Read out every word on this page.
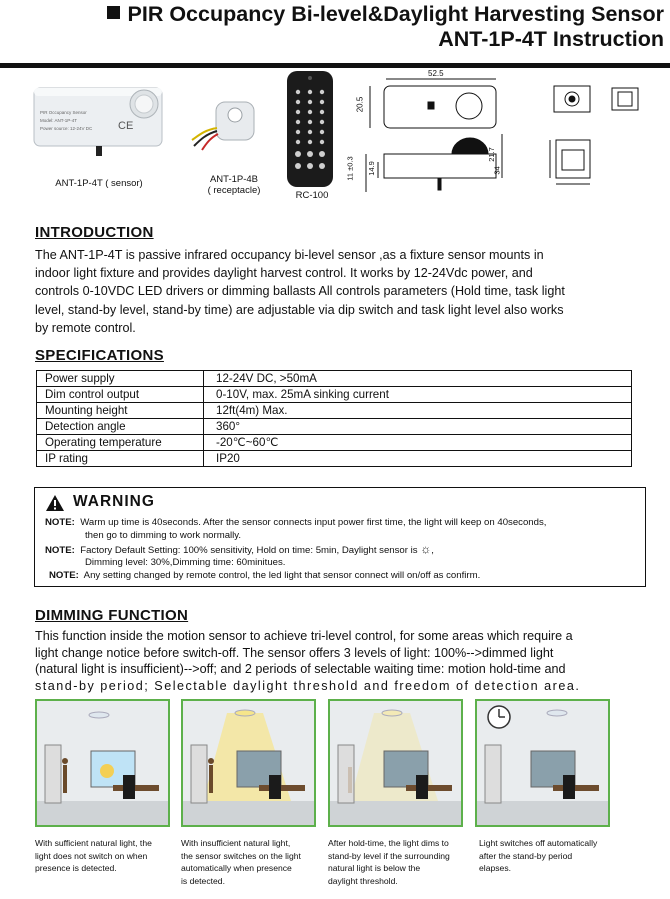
PIR Occupancy Bi-level&Daylight Harvesting Sensor
ANT-1P-4T Instruction
PIR Occupancy Sensor
Model: ANT-1P-4T
Power source: 12-24V DC CE
ANT-1P-4T ( sensor)	ANT-1P-4B
( receptacle)	RC-100
52.5
20.5
11 ±0.3 14.9
21.7
34
INTRODUCTION
The ANT-1P-4T is passive infrared occupancy bi-level sensor ,as a fixture sensor mounts in
indoor light fixture and provides daylight harvest control. It works by 12-24Vdc power, and
controls 0-10VDC LED drivers or dimming ballasts All controls parameters (Hold time, task light
level, stand-by level, stand-by time) are adjustable via dip switch and task light level also works
by remote control.
SPECIFICATIONS
Power supply	12-24V DC, >50mA
Dim control output	0-10V, max. 25mA sinking current
Mounting height	12ft(4m) Max.
Detection angle	360°
Operating temperature	-20℃~60℃
IP rating	IP20
WARNING
NOTE: Warm up time is 40seconds. After the sensor connects input power first time, the light will keep on 40seconds,
then go to dimming to work normally.
NOTE: Factory Default Setting: 100% sensitivity, Hold on time: 5min, Daylight sensor is ☼,
Dimming level: 30%,Dimming time: 60minitues.
NOTE: Any setting changed by remote control, the led light that sensor connect will on/off as confirm.
DIMMING FUNCTION
This function inside the motion sensor to achieve tri-level control, for some areas which require a
light change notice before switch-off. The sensor offers 3 levels of light: 100%-->dimmed light
(natural light is insufficient)-->off; and 2 periods of selectable waiting time: motion hold-time and
stand-by period; Selectable daylight threshold and freedom of detection area.
With sufficient natural light, the
light does not switch on when
presence is detected.
With insufficient natural light,
the sensor switches on the light
automatically when presence
is detected.
After hold-time, the light dims to
stand-by level if the surrounding
natural light is below the
daylight threshold.
Light switches off automatically
after the stand-by period
elapses.
